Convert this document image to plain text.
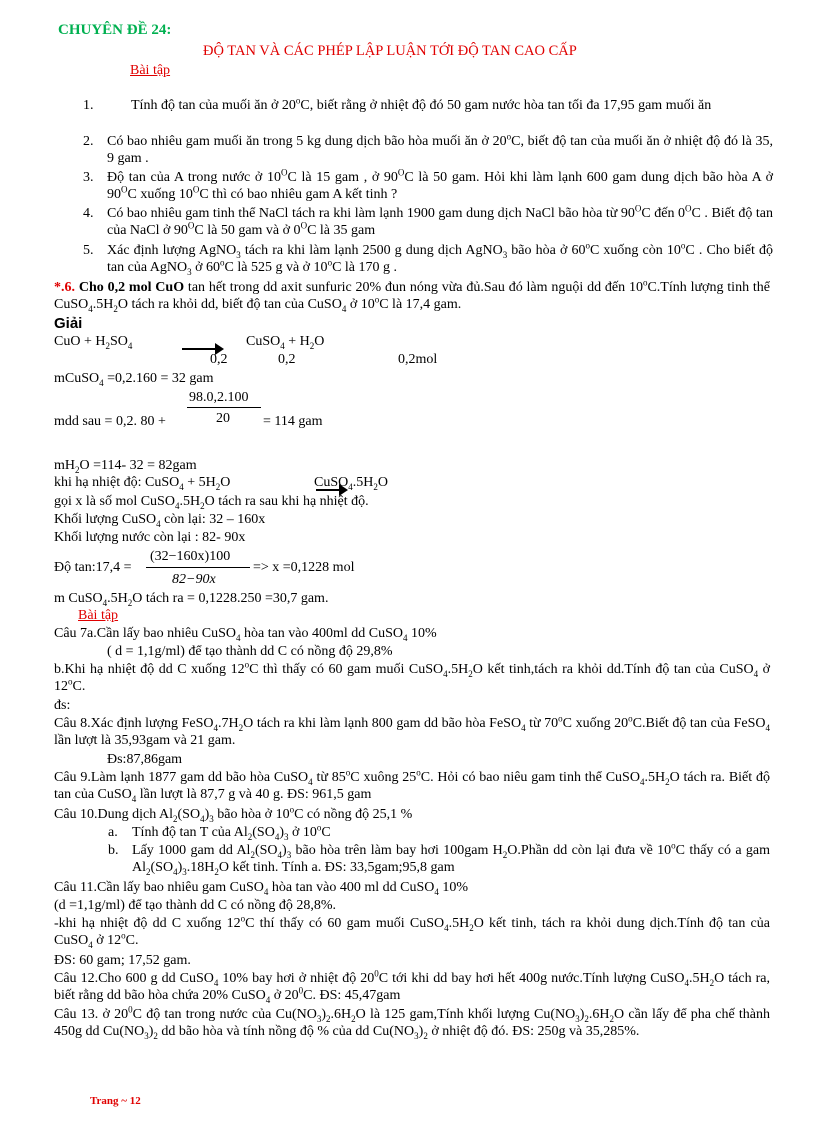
CHUYÊN ĐỀ 24:
ĐỘ TAN VÀ CÁC PHÉP LẬP LUẬN TỚI ĐỘ TAN CAO CẤP
Bài tập
1.	Tính độ tan của muối ăn ở 20$^o$C, biết rằng ở nhiệt độ đó 50 gam nước hòa tan tối đa 17,95 gam muối ăn
2. Có bao nhiêu gam muối ăn trong 5 kg dung dịch bão hòa muối ăn ở 20$^o$C, biết độ tan của muối ăn ở nhiệt độ đó là 35, 9 gam .
3. Độ tan của A trong nước ở $10^OC$ là 15 gam , ở $90^OC$ là 50 gam. Hỏi khi làm lạnh 600 gam dung dịch bão hòa A ở $90^OC$ xuống $10^OC$ thì có bao nhiêu gam A kết tinh ?
4. Có bao nhiêu gam tinh thể NaCl tách ra khi làm lạnh 1900 gam dung dịch NaCl bão hòa từ $90^OC$ đến $0^OC$ . Biết độ tan của NaCl ở $90^OC$ là 50 gam và ở $0^OC$ là 35 gam
5. Xác định lượng AgNO$_3$ tách ra khi làm lạnh 2500 g dung dịch AgNO$_3$ bão hòa ở 60$^o$C xuống còn 10$^o$C . Cho biết độ tan của AgNO$_3$ ở 60$^o$C là 525 g và ở 10$^o$C là 170 g .
*.6. Cho 0,2 mol CuO tan hết trong dd axit sunfuric 20% đun nóng vừa đủ.Sau đó làm nguội dd đến 10$^o$C.Tính lượng tinh thể $CuSO_4.5H_2O$ tách ra khỏi dd, biết độ tan của CuSO$_4$ ở 10$^o$C là 17,4 gam.
Giải
CuO + $H_2SO_4$	CuSO$_4$ + $H_2O$
0,2	0,2	0,2mol
mCuSO$_4$ =0,2.160 = 32 gam
98.0,2.100
mdd sau = 0,2. 80 +	20 = 114 gam
$mH_2O =114-$ 32 = 82gam
khi hạ nhiệt độ: CuSO$_4$ + $5H_2O$	$CuSO_4.5H_2O$
gọi x là số mol $CuSO_4.5H_2O$ tách ra sau khi hạ nhiệt độ.
Khối lượng CuSO$_4$ còn lại: 32 – 160x
Khối lượng nước còn lại : 82- 90x
(32−160x)100
Độ tan:17,4 =
82−90x
=> x =0,1228 mol
m $CuSO_4.5H_2O$ tách ra = 0,1228.250 =30,7 gam.
Bài tập
Câu 7a.Cần lấy bao nhiêu CuSO$_4$ hòa tan vào 400ml dd CuSO$_4$ 10%
( d = 1,1g/ml) để tạo thành dd C có nồng độ 29,8%
b.Khi hạ nhiệt độ dd C xuống 12$^o$C thì thấy có 60 gam muối $CuSO_4.5H_2O$ kết tinh,tách ra khỏi dd.Tính độ tan của CuSO$_4$ ở 12$^o$C.
đs:
Câu 8.Xác định lượng $FeSO_4.7H_2O$ tách ra khi làm lạnh 800 gam dd bão hòa FeSO$_4$ từ 70$^o$C xuống 20$^o$C.Biết độ tan của FeSO$_4$ lần lượt là 35,93gam và 21 gam.
Đs:87,86gam
Câu 9.Làm lạnh 1877 gam dd bão hòa CuSO$_4$ từ 85$^o$C xuông 25$^o$C. Hỏi có bao niêu gam tinh thể $CuSO_4.5H_2O$ tách ra. Biết độ tan của CuSO$_4$ lần lượt là 87,7 g và 40 g. ĐS: 961,5 gam
Câu 10.Dung dịch $Al_2(SO_4)_3$ bão hòa ở 10$^o$C có nồng độ 25,1 %
a. Tính độ tan T của $Al_2(SO_4)_3$ ở 10$^o$C
b. Lấy 1000 gam dd $Al_2(SO_4)_3$ bão hòa trên làm bay hơi 100gam $H_2O.Phần$ dd còn lại đưa về 10$^o$C thấy có a gam $Al_2(SO_4)_3.18H_2O$ kết tinh. Tính a. ĐS: 33,5gam;95,8 gam
Câu 11.Cần lấy bao nhiêu gam CuSO$_4$ hòa tan vào 400 ml dd CuSO$_4$ 10%
(d =1,1g/ml) để tạo thành dd C có nồng độ 28,8%.
-khi hạ nhiệt độ dd C xuống 12$^o$C thí thấy có 60 gam muối $CuSO_4.5H_2O$ kết tinh, tách ra khỏi dung dịch.Tính độ tan của CuSO$_4$ ở 12$^o$C.
ĐS: 60 gam; 17,52 gam.
Câu 12.Cho 600 g dd CuSO$_4$ 10% bay hơi ở nhiệt độ $20^0C$ tới khi dd bay hơi hết 400g nước.Tính lượng $CuSO_4.5H_2O$ tách ra, biết rằng dd bão hòa chứa 20% CuSO$_4$ ở $20^0C$. ĐS: 45,47gam
Câu 13. ở $20^0C$ độ tan trong nước của $Cu(NO_3)_2.6H_2O$ là 125 gam,Tính khối lượng $Cu(NO_3)_2.6H_2O$ cần lấy để pha chế thành 450g dd $Cu(NO_3)_2$ dd bão hòa và tính nồng độ % của dd $Cu(NO_3)_2$ ở nhiệt độ đó. ĐS: 250g và 35,285%.
Trang ~ 12
